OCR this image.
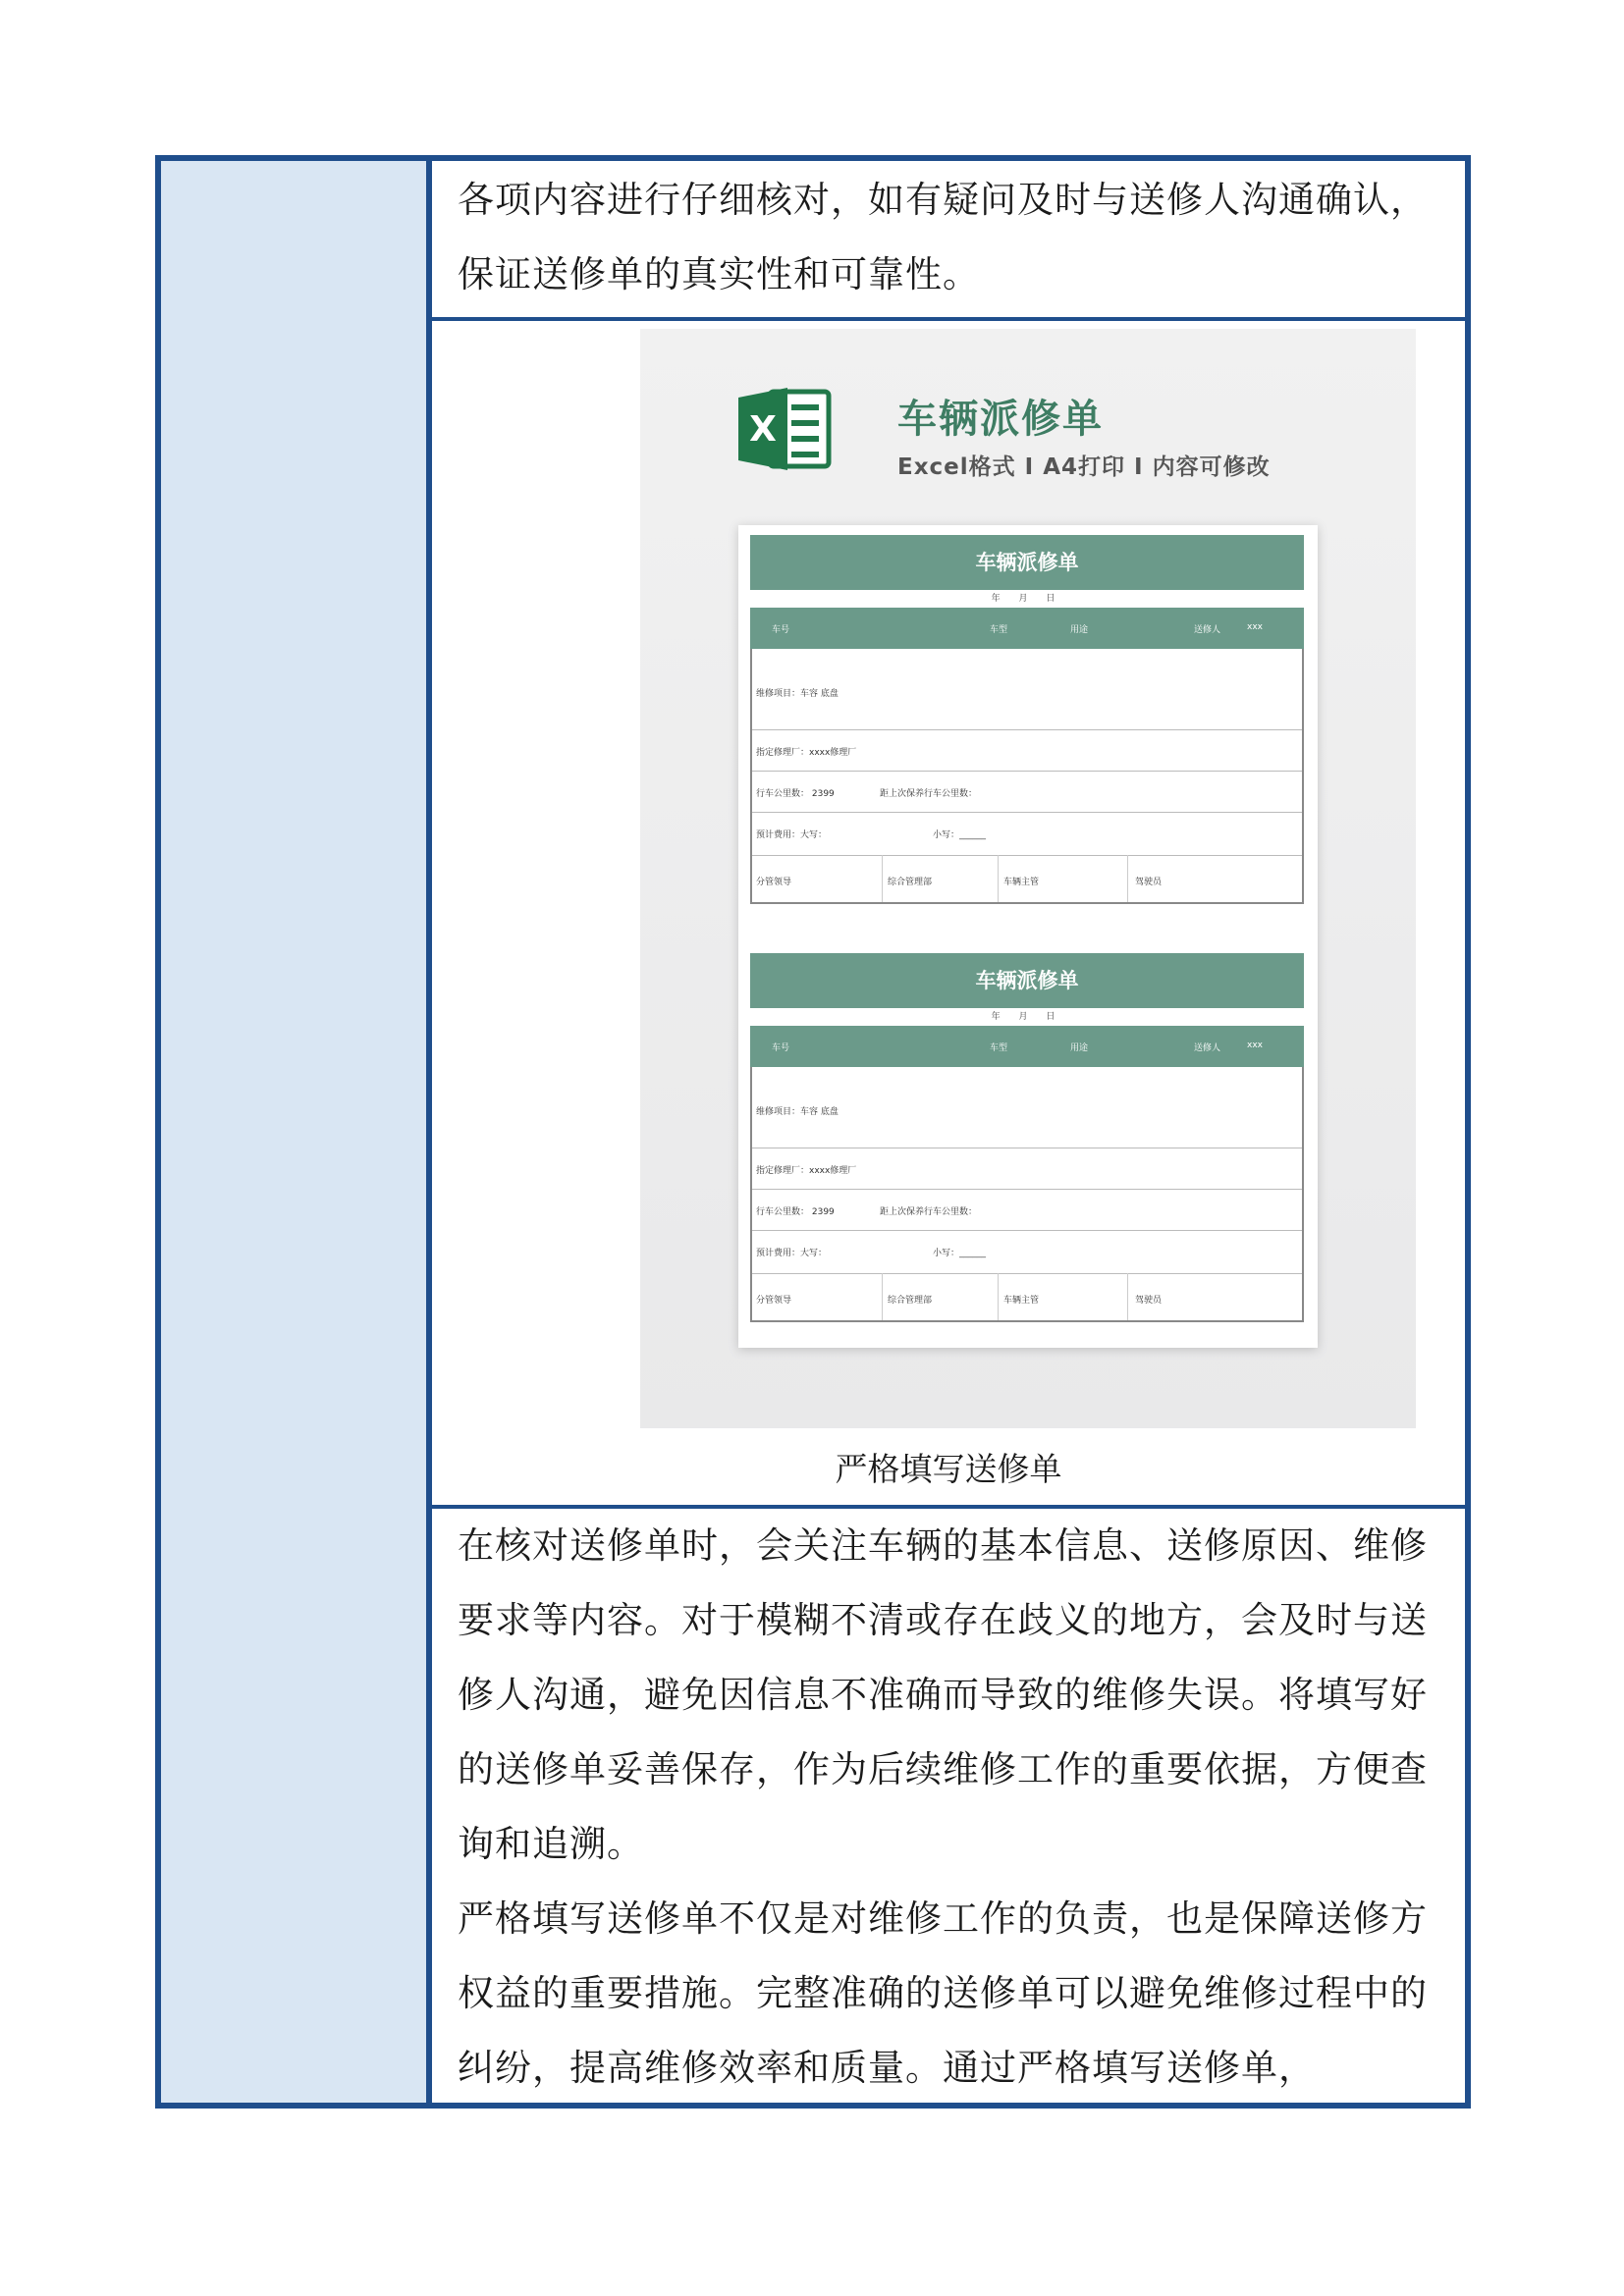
各项内容进行仔细核对，如有疑问及时与送修人沟通确认，保证送修单的真实性和可靠性。

X	车辆派修单
Excel格式 I A4打印 I 内容可修改
车辆派修单
年 月 日
车号	车型	用途	送修人	xxx
维修项目：车容 底盘
指定修理厂：xxxx修理厂
行车公里数： 2399	距上次保养行车公里数：
预计费用：大写：	小写：______
分管领导	综合管理部	车辆主管	驾驶员
车辆派修单
年 月 日
车号	车型	用途	送修人	xxx
维修项目：车容 底盘
指定修理厂：xxxx修理厂
行车公里数： 2399	距上次保养行车公里数：
预计费用：大写：	小写：______
分管领导	综合管理部	车辆主管	驾驶员
严格填写送修单

在核对送修单时，会关注车辆的基本信息、送修原因、维修要求等内容。对于模糊不清或存在歧义的地方，会及时与送修人沟通，避免因信息不准确而导致的维修失误。将填写好的送修单妥善保存，作为后续维修工作的重要依据，方便查询和追溯。

严格填写送修单不仅是对维修工作的负责，也是保障送修方权益的重要措施。完整准确的送修单可以避免维修过程中的纠纷，提高维修效率和质量。通过严格填写送修单，
